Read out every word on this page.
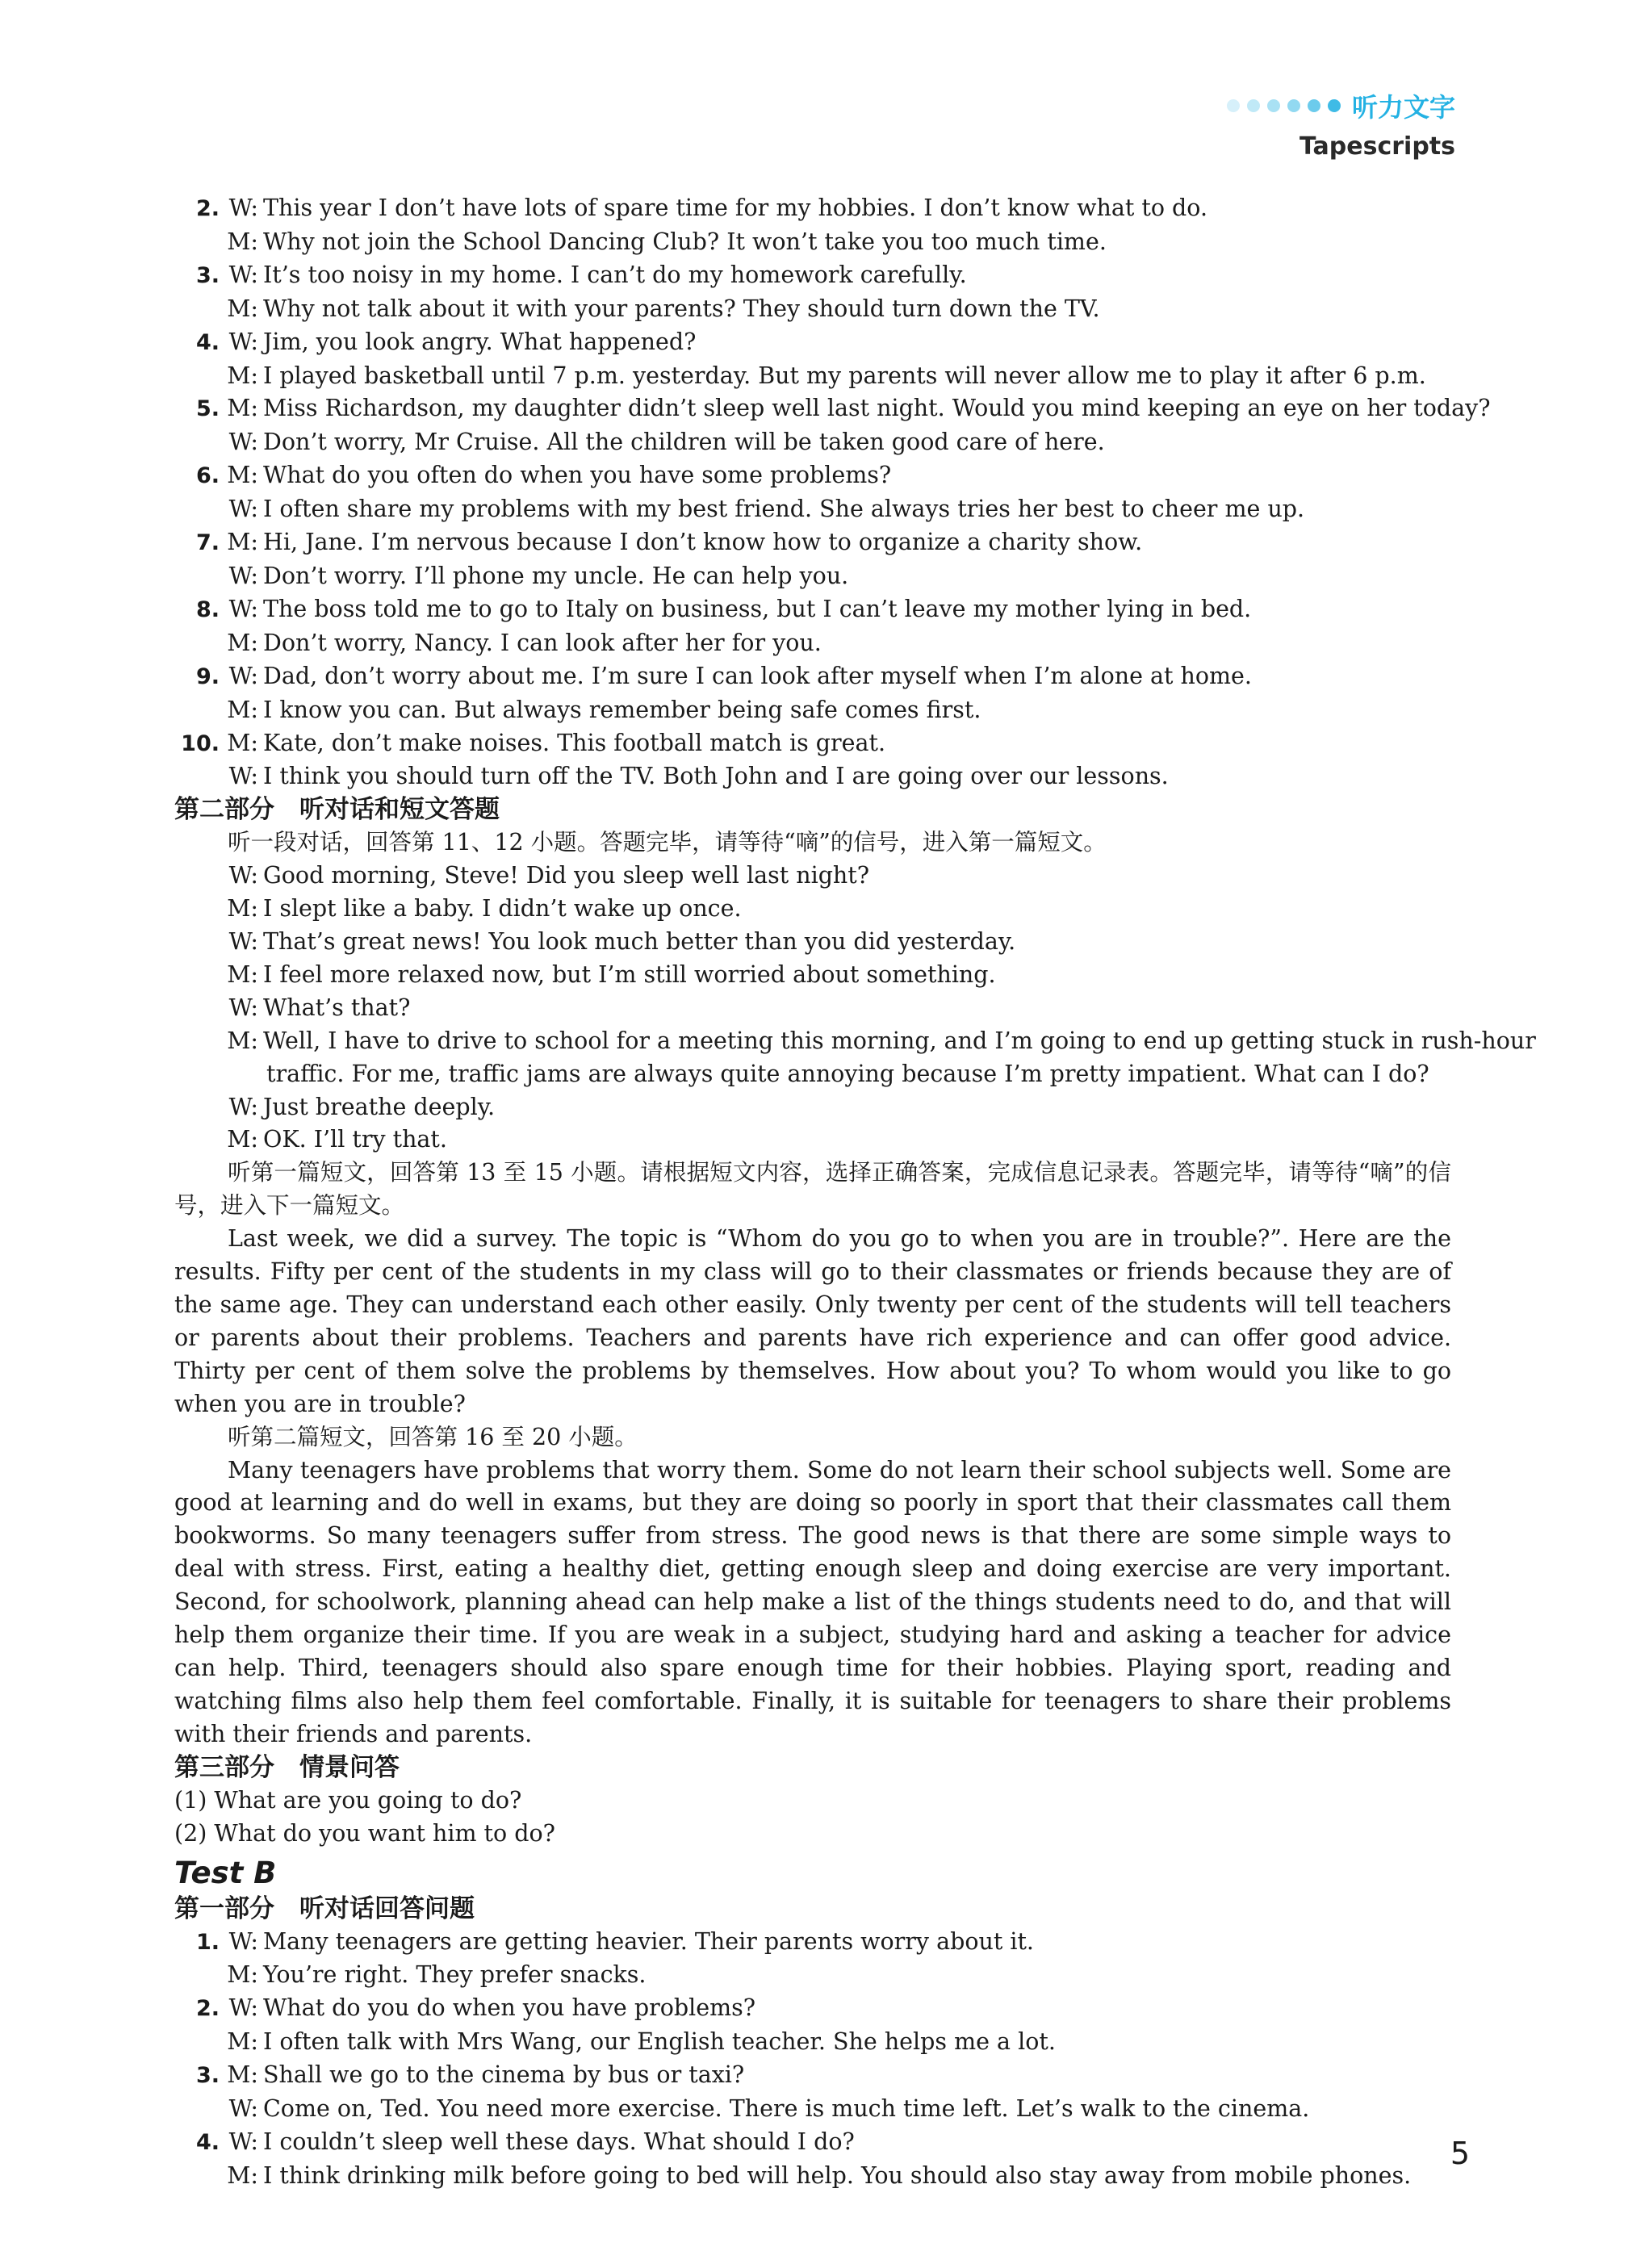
听力文字
Tapescripts
2. W: This year I don’t have lots of spare time for my hobbies. I don’t know what to do.
M: Why not join the School Dancing Club? It won’t take you too much time.
3. W: It’s too noisy in my home. I can’t do my homework carefully.
M: Why not talk about it with your parents? They should turn down the TV.
4. W: Jim, you look angry. What happened?
M: I played basketball until 7 p.m. yesterday. But my parents will never allow me to play it after 6 p.m.
5. M: Miss Richardson, my daughter didn’t sleep well last night. Would you mind keeping an eye on her today?
W: Don’t worry, Mr Cruise. All the children will be taken good care of here.
6. M: What do you often do when you have some problems?
W: I often share my problems with my best friend. She always tries her best to cheer me up.
7. M: Hi, Jane. I’m nervous because I don’t know how to organize a charity show.
W: Don’t worry. I’ll phone my uncle. He can help you.
8. W: The boss told me to go to Italy on business, but I can’t leave my mother lying in bed.
M: Don’t worry, Nancy. I can look after her for you.
9. W: Dad, don’t worry about me. I’m sure I can look after myself when I’m alone at home.
M: I know you can. But always remember being safe comes first.
10. M: Kate, don’t make noises. This football match is great.
W: I think you should turn off the TV. Both John and I are going over our lessons.
第二部分　听对话和短文答题
听一段对话，回答第 11、12 小题。答题完毕，请等待“嘀”的信号，进入第一篇短文。
W: Good morning, Steve! Did you sleep well last night?
M: I slept like a baby. I didn’t wake up once.
W: That’s great news! You look much better than you did yesterday.
M: I feel more relaxed now, but I’m still worried about something.
W: What’s that?
M: Well, I have to drive to school for a meeting this morning, and I’m going to end up getting stuck in rush-hour
traffic. For me, traffic jams are always quite annoying because I’m pretty impatient. What can I do?
W: Just breathe deeply.
M: OK. I’ll try that.
听第一篇短文，回答第 13 至 15 小题。请根据短文内容，选择正确答案，完成信息记录表。答题完毕，请等待“嘀”的信号，进入下一篇短文。
Last week, we did a survey. The topic is “Whom do you go to when you are in trouble?”. Here are the results. Fifty per cent of the students in my class will go to their classmates or friends because they are of the same age. They can understand each other easily. Only twenty per cent of the students will tell teachers or parents about their problems. Teachers and parents have rich experience and can offer good advice. Thirty per cent of them solve the problems by themselves. How about you? To whom would you like to go when you are in trouble?
听第二篇短文，回答第 16 至 20 小题。
Many teenagers have problems that worry them. Some do not learn their school subjects well. Some are good at learning and do well in exams, but they are doing so poorly in sport that their classmates call them bookworms. So many teenagers suffer from stress. The good news is that there are some simple ways to deal with stress. First, eating a healthy diet, getting enough sleep and doing exercise are very important. Second, for schoolwork, planning ahead can help make a list of the things students need to do, and that will help them organize their time. If you are weak in a subject, studying hard and asking a teacher for advice can help. Third, teenagers should also spare enough time for their hobbies. Playing sport, reading and watching films also help them feel comfortable. Finally, it is suitable for teenagers to share their problems with their friends and parents.
第三部分　情景问答
(1) What are you going to do?
(2) What do you want him to do?
Test B
第一部分　听对话回答问题
1. W: Many teenagers are getting heavier. Their parents worry about it.
M: You’re right. They prefer snacks.
2. W: What do you do when you have problems?
M: I often talk with Mrs Wang, our English teacher. She helps me a lot.
3. M: Shall we go to the cinema by bus or taxi?
W: Come on, Ted. You need more exercise. There is much time left. Let’s walk to the cinema.
4. W: I couldn’t sleep well these days. What should I do?
M: I think drinking milk before going to bed will help. You should also stay away from mobile phones.
5
